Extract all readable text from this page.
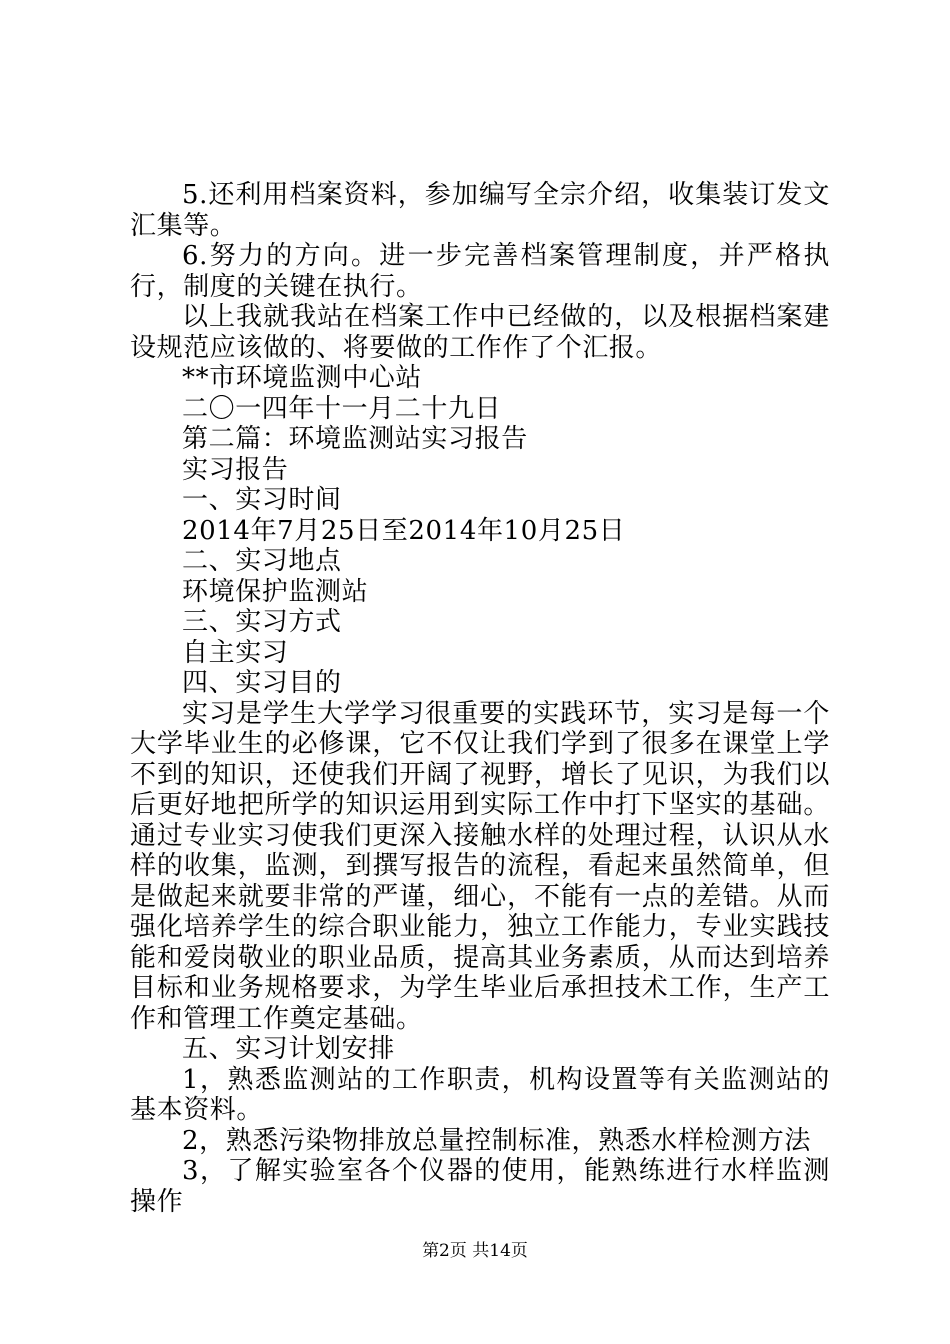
5.还利用档案资料，参加编写全宗介绍，收集装订发文汇集等。

6.努力的方向。进一步完善档案管理制度，并严格执行，制度的关键在执行。

以上我就我站在档案工作中已经做的，以及根据档案建设规范应该做的、将要做的工作作了个汇报。

**市环境监测中心站

二〇一四年十一月二十九日

第二篇：环境监测站实习报告

实习报告

一、实习时间

2014年7月25日至2014年10月25日

二、实习地点

环境保护监测站

三、实习方式

自主实习

四、实习目的

实习是学生大学学习很重要的实践环节，实习是每一个大学毕业生的必修课，它不仅让我们学到了很多在课堂上学不到的知识，还使我们开阔了视野，增长了见识，为我们以后更好地把所学的知识运用到实际工作中打下坚实的基础。通过专业实习使我们更深入接触水样的处理过程，认识从水样的收集，监测，到撰写报告的流程，看起来虽然简单，但是做起来就要非常的严谨，细心，不能有一点的差错。从而强化培养学生的综合职业能力，独立工作能力，专业实践技能和爱岗敬业的职业品质，提高其业务素质，从而达到培养目标和业务规格要求，为学生毕业后承担技术工作，生产工作和管理工作奠定基础。

五、实习计划安排

1，熟悉监测站的工作职责，机构设置等有关监测站的基本资料。

2，熟悉污染物排放总量控制标准，熟悉水样检测方法

3，了解实验室各个仪器的使用，能熟练进行水样监测操作

第2页 共14页
